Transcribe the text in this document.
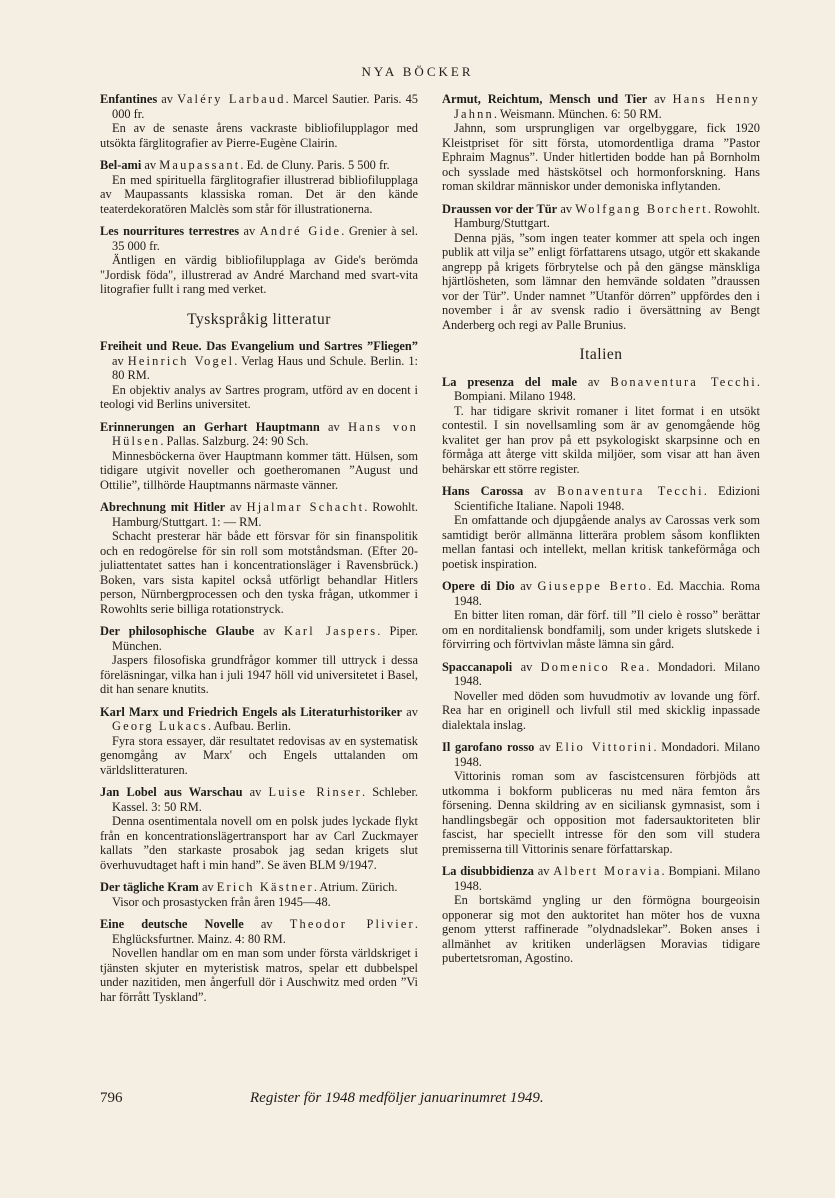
NYA BÖCKER

Enfantines av Valéry Larbaud. Marcel Sautier. Paris. 45 000 fr.

En av de senaste årens vackraste bibliofilupplagor med utsökta färglitografier av Pierre-Eugène Clairin.

Bel-ami av Maupassant. Ed. de Cluny. Paris. 5 500 fr.

En med spirituella färglitografier illustrerad bibliofilupplaga av Maupassants klassiska roman. Det är den kände teaterdekoratören Malclès som står för illustrationerna.

Les nourritures terrestres av André Gide. Grenier à sel. 35 000 fr.

Äntligen en värdig bibliofilupplaga av Gide's berömda "Jordisk föda", illustrerad av André Marchand med svart-vita litografier fullt i rang med verket.

Tyskspråkig litteratur

Freiheit und Reue. Das Evangelium und Sartres ”Fliegen” av Heinrich Vogel. Verlag Haus und Schule. Berlin. 1: 80 RM.

En objektiv analys av Sartres program, utförd av en docent i teologi vid Berlins universitet.

Erinnerungen an Gerhart Hauptmann av Hans von Hülsen. Pallas. Salzburg. 24: 90 Sch.

Minnesböckerna över Hauptmann kommer tätt. Hülsen, som tidigare utgivit noveller och goetheromanen ”August und Ottilie”, tillhörde Hauptmanns närmaste vänner.

Abrechnung mit Hitler av Hjalmar Schacht. Rowohlt. Hamburg/Stuttgart. 1: — RM.

Schacht presterar här både ett försvar för sin finanspolitik och en redogörelse för sin roll som motståndsman. (Efter 20-juliattentatet sattes han i koncentrationsläger i Ravensbrück.) Boken, vars sista kapitel också utförligt behandlar Hitlers person, Nürnbergprocessen och den tyska frågan, utkommer i Rowohlts serie billiga rotationstryck.

Der philosophische Glaube av Karl Jaspers. Piper. München.

Jaspers filosofiska grundfrågor kommer till uttryck i dessa föreläsningar, vilka han i juli 1947 höll vid universitetet i Basel, dit han senare knutits.

Karl Marx und Friedrich Engels als Literaturhistoriker av Georg Lukacs. Aufbau. Berlin.

Fyra stora essayer, där resultatet redovisas av en systematisk genomgång av Marx' och Engels uttalanden om världslitteraturen.

Jan Lobel aus Warschau av Luise Rinser. Schleber. Kassel. 3: 50 RM.

Denna osentimentala novell om en polsk judes lyckade flykt från en koncentrationslägertransport har av Carl Zuckmayer kallats ”den starkaste prosabok jag sedan krigets slut överhuvudtaget haft i min hand”. Se även BLM 9/1947.

Der tägliche Kram av Erich Kästner. Atrium. Zürich.

Visor och prosastycken från åren 1945—48.

Eine deutsche Novelle av Theodor Plivier. Ehglücksfurtner. Mainz. 4: 80 RM.

Novellen handlar om en man som under första världskriget i tjänsten skjuter en myteristisk matros, spelar ett dubbelspel under nazitiden, men ångerfull dör i Auschwitz med orden ”Vi har förrått Tyskland”.

Armut, Reichtum, Mensch und Tier av Hans Henny Jahnn. Weismann. München. 6: 50 RM.

Jahnn, som ursprungligen var orgelbyggare, fick 1920 Kleistpriset för sitt första, utomordentliga drama ”Pastor Ephraim Magnus”. Under hitlertiden bodde han på Bornholm och sysslade med hästskötsel och hormonforskning. Hans roman skildrar människor under demoniska inflytanden.

Draussen vor der Tür av Wolfgang Borchert. Rowohlt. Hamburg/Stuttgart.

Denna pjäs, ”som ingen teater kommer att spela och ingen publik att vilja se” enligt författarens utsago, utgör ett skakande angrepp på krigets förbrytelse och på den gängse mänskliga hjärtlösheten, som lämnar den hemvände soldaten ”draussen vor der Tür”. Under namnet ”Utanför dörren” uppfördes den i november i år av svensk radio i översättning av Bengt Anderberg och regi av Palle Brunius.

Italien

La presenza del male av Bonaventura Tecchi. Bompiani. Milano 1948.

T. har tidigare skrivit romaner i litet format i en utsökt contestil. I sin novellsamling som är av genomgående hög kvalitet ger han prov på ett psykologiskt skarpsinne och en förmåga att återge vitt skilda miljöer, som visar att han även behärskar ett större register.

Hans Carossa av Bonaventura Tecchi. Edizioni Scientifiche Italiane. Napoli 1948.

En omfattande och djupgående analys av Carossas verk som samtidigt berör allmänna litterära problem såsom konflikten mellan fantasi och intellekt, mellan kritisk tankeförmåga och poetisk inspiration.

Opere di Dio av Giuseppe Berto. Ed. Macchia. Roma 1948.

En bitter liten roman, där förf. till ”Il cielo è rosso” berättar om en norditaliensk bondfamilj, som under krigets slutskede i förvirring och förtvivlan måste lämna sin gård.

Spaccanapoli av Domenico Rea. Mondadori. Milano 1948.

Noveller med döden som huvudmotiv av lovande ung förf. Rea har en originell och livfull stil med skicklig inpassade dialektala inslag.

Il garofano rosso av Elio Vittorini. Mondadori. Milano 1948.

Vittorinis roman som av fascistcensuren förbjöds att utkomma i bokform publiceras nu med nära femton års försening. Denna skildring av en siciliansk gymnasist, som i handlingsbegär och opposition mot fadersauktoriteten blir fascist, har speciellt intresse för den som vill studera premisserna till Vittorinis senare författarskap.

La disubbidienza av Albert Moravia. Bompiani. Milano 1948.

En bortskämd yngling ur den förmögna bourgeoisin opponerar sig mot den auktoritet han möter hos de vuxna genom ytterst raffinerade ”olydnadslekar”. Boken anses i allmänhet av kritiken underlägsen Moravias tidigare pubertetsroman, Agostino.

796	Register för 1948 medföljer januarinumret 1949.
